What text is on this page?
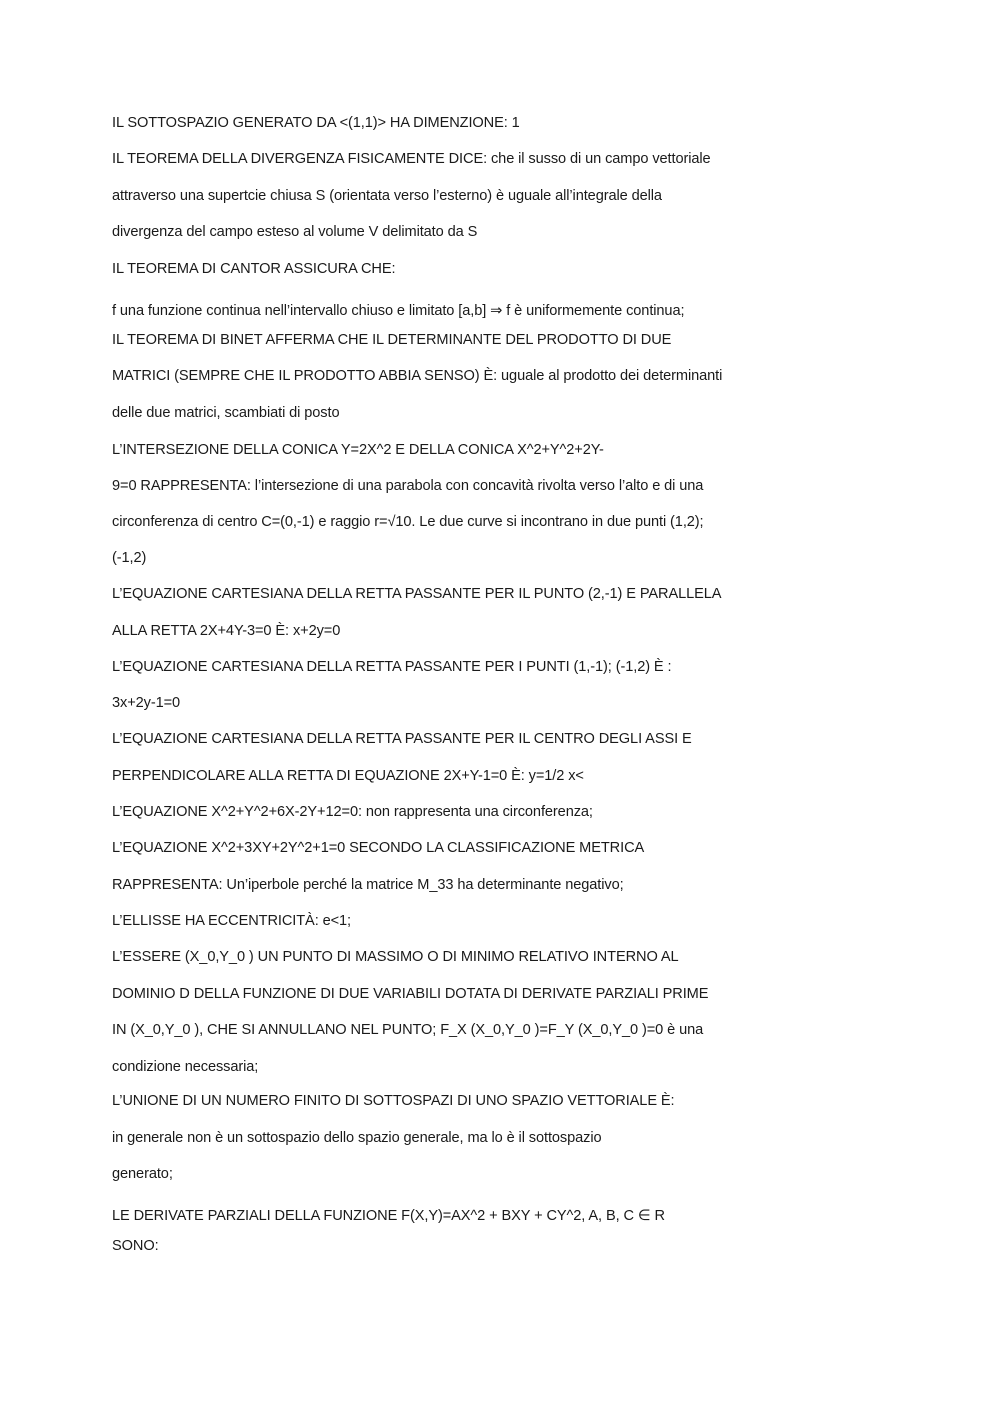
IL SOTTOSPAZIO GENERATO DA <(1,1)> HA DIMENZIONE: 1
IL TEOREMA DELLA DIVERGENZA FISICAMENTE DICE: che il susso di un campo vettoriale
attraverso una supertcie chiusa S (orientata verso l’esterno) è uguale all’integrale della
divergenza del campo esteso al volume V delimitato da S
IL TEOREMA DI CANTOR ASSICURA CHE:
f una funzione continua nell’intervallo chiuso e limitato [a,b] ⇒ f è uniformemente continua;
IL TEOREMA DI BINET AFFERMA CHE IL DETERMINANTE DEL PRODOTTO DI DUE
MATRICI (SEMPRE CHE IL PRODOTTO ABBIA SENSO) È: uguale al prodotto dei determinanti
delle due matrici, scambiati di posto
L’INTERSEZIONE DELLA CONICA Y=2X^2 E DELLA CONICA X^2+Y^2+2Y-
9=0 RAPPRESENTA: l’intersezione di una parabola con concavità rivolta verso l’alto e di una
circonferenza di centro C=(0,-1) e raggio r=√10. Le due curve si incontrano in due punti (1,2);
(-1,2)
L’EQUAZIONE CARTESIANA DELLA RETTA PASSANTE PER IL PUNTO (2,-1) E PARALLELA
ALLA RETTA 2X+4Y-3=0 È: x+2y=0
L’EQUAZIONE CARTESIANA DELLA RETTA PASSANTE PER I PUNTI (1,-1); (-1,2) È :
3x+2y-1=0
L’EQUAZIONE CARTESIANA DELLA RETTA PASSANTE PER IL CENTRO DEGLI ASSI E
PERPENDICOLARE ALLA RETTA DI EQUAZIONE 2X+Y-1=0 È: y=1/2 x<
L’EQUAZIONE X^2+Y^2+6X-2Y+12=0: non rappresenta una circonferenza;
L’EQUAZIONE X^2+3XY+2Y^2+1=0 SECONDO LA CLASSIFICAZIONE METRICA
RAPPRESENTA: Un’iperbole perché la matrice M_33 ha determinante negativo;
L’ELLISSE HA ECCENTRICITÀ: e<1;
L’ESSERE (X_0,Y_0 ) UN PUNTO DI MASSIMO O DI MINIMO RELATIVO INTERNO AL
DOMINIO D DELLA FUNZIONE DI DUE VARIABILI DOTATA DI DERIVATE PARZIALI PRIME
IN (X_0,Y_0 ), CHE SI ANNULLANO NEL PUNTO; F_X (X_0,Y_0 )=F_Y (X_0,Y_0 )=0 è una
condizione necessaria;
L’UNIONE DI UN NUMERO FINITO DI SOTTOSPAZI DI UNO SPAZIO VETTORIALE È:
in generale non è un sottospazio dello spazio generale, ma lo è il sottospazio
generato;
LE DERIVATE PARZIALI DELLA FUNZIONE F(X,Y)=AX^2 + BXY + CY^2, A, B, C ∈ R
SONO:
